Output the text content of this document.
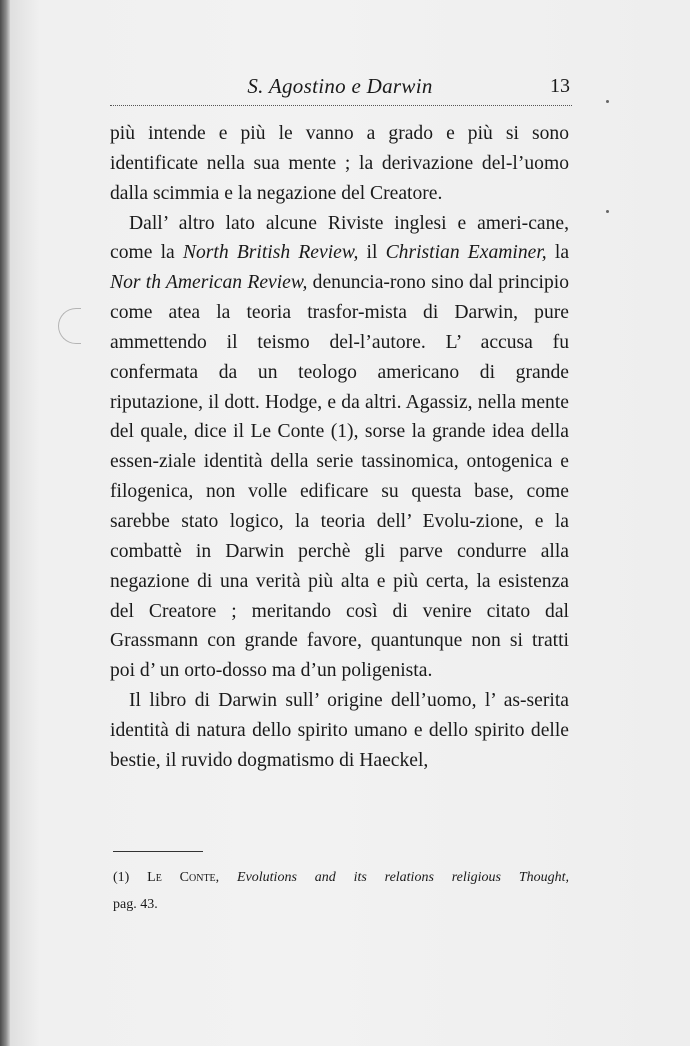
S. Agostino e Darwin	13

più intende e più le vanno a grado e più si sono identificate nella sua mente ; la derivazione del-l’uomo dalla scimmia e la negazione del Creatore.

Dall’ altro lato alcune Riviste inglesi e ameri-cane, come la North British Review, il Christian Examiner, la Nor th American Review, denuncia-rono sino dal principio come atea la teoria trasfor-mista di Darwin, pure ammettendo il teismo del-l’autore. L’ accusa fu confermata da un teologo americano di grande riputazione, il dott. Hodge, e da altri. Agassiz, nella mente del quale, dice il Le Conte (1), sorse la grande idea della essen-ziale identità della serie tassinomica, ontogenica e filogenica, non volle edificare su questa base, come sarebbe stato logico, la teoria dell’ Evolu-zione, e la combattè in Darwin perchè gli parve condurre alla negazione di una verità più alta e più certa, la esistenza del Creatore ; meritando così di venire citato dal Grassmann con grande favore, quantunque non si tratti poi d’ un orto-dosso ma d’un poligenista.

Il libro di Darwin sull’ origine dell’uomo, l’ as-serita identità di natura dello spirito umano e dello spirito delle bestie, il ruvido dogmatismo di Haeckel,

(1) Le Conte, Evolutions and its relations religious Thought,
pag. 43.
